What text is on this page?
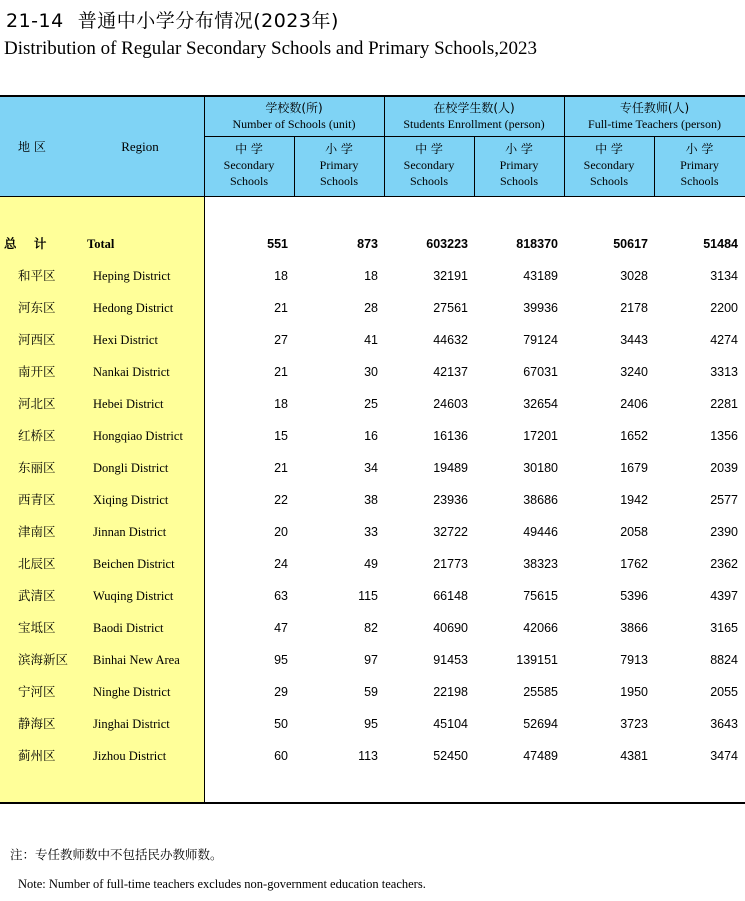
21-14 普通中小学分布情况(2023年)
Distribution of Regular Secondary Schools and Primary Schools,2023
地 区	Region
学校数(所)
Number of Schools (unit)
在校学生数(人)
Students Enrollment (person)
专任教师(人)
Full-time Teachers (person)
中 学
Secondary
Schools
小 学
Primary
Schools
中 学
Secondary
Schools
小 学
Primary
Schools
中 学
Secondary
Schools
小 学
Primary
Schools
总    计	Total	551	873	603223	818370	50617	51484
和平区	Heping District	18	18	32191	43189	3028	3134
河东区	Hedong District	21	28	27561	39936	2178	2200
河西区	Hexi District	27	41	44632	79124	3443	4274
南开区	Nankai District	21	30	42137	67031	3240	3313
河北区	Hebei District	18	25	24603	32654	2406	2281
红桥区	Hongqiao District	15	16	16136	17201	1652	1356
东丽区	Dongli District	21	34	19489	30180	1679	2039
西青区	Xiqing District	22	38	23936	38686	1942	2577
津南区	Jinnan District	20	33	32722	49446	2058	2390
北辰区	Beichen District	24	49	21773	38323	1762	2362
武清区	Wuqing District	63	115	66148	75615	5396	4397
宝坻区	Baodi District	47	82	40690	42066	3866	3165
滨海新区 Binhai New Area	95	97	91453	139151	7913	8824
宁河区	Ninghe District	29	59	22198	25585	1950	2055
静海区	Jinghai District	50	95	45104	52694	3723	3643
蓟州区	Jizhou District	60	113	52450	47489	4381	3474
注：专任教师数中不包括民办教师数。
Note: Number of full-time teachers excludes non-government education teachers.
